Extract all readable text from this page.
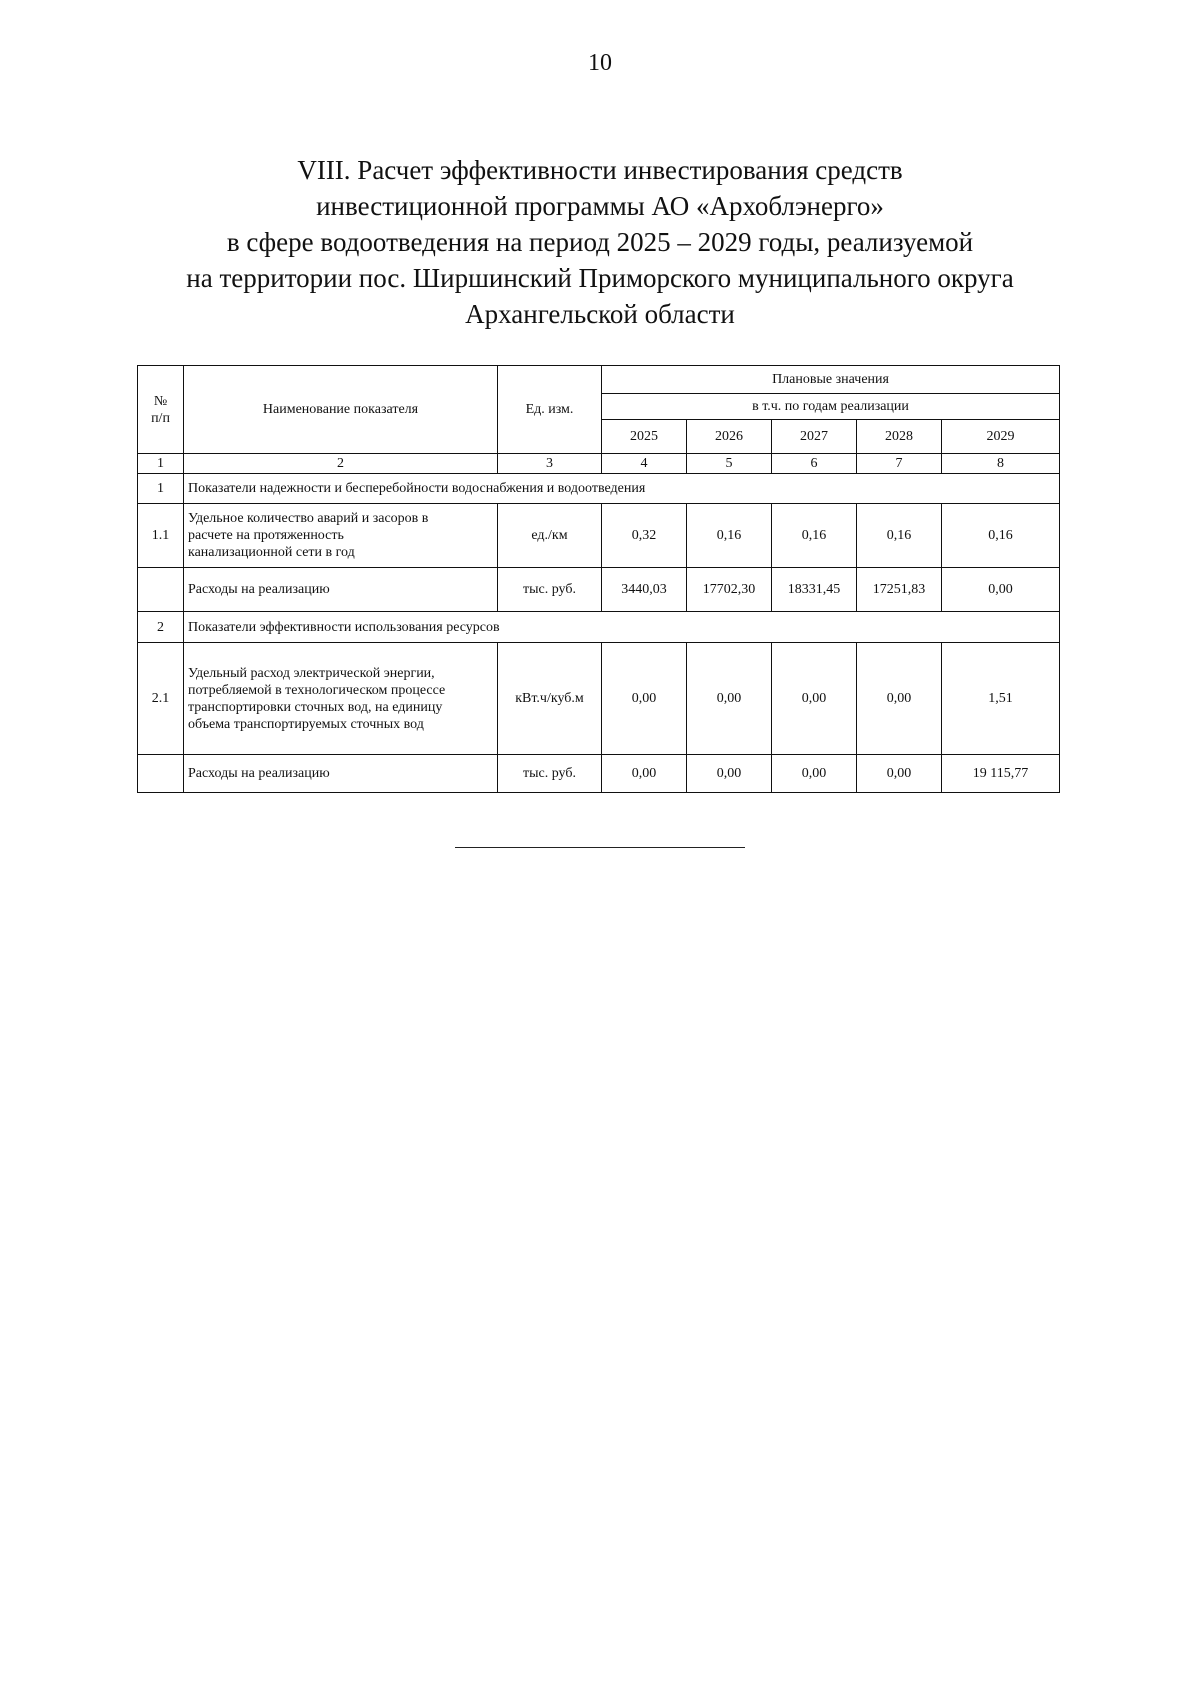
10
VIII. Расчет эффективности инвестирования средств
инвестиционной программы АО «Архоблэнерго»
в сфере водоотведения на период 2025 – 2029 годы, реализуемой
на территории пос. Ширшинский Приморского муниципального округа
Архангельской области
№
п/п	Наименование показателя	Ед. изм.	Плановые значения				
			в т.ч. по годам реализации				
			2025	2026	2027	2028	2029
1	2	3	4	5	6	7	8
1	Показатели надежности и бесперебойности водоснабжения и водоотведения						
1.1	Удельное количество аварий и засоров в
расчете на протяженность
канализационной сети в год	ед./км	0,32	0,16	0,16	0,16	0,16

	Расходы на реализацию	тыс. руб.	3440,03	17702,30	18331,45	17251,83	0,00
2	Показатели эффективности использования ресурсов						
2.1	Удельный расход электрической энергии,
потребляемой в технологическом процессе
транспортировки сточных вод, на единицу
объема транспортируемых сточных вод	кВт.ч/куб.м	0,00	0,00	0,00	0,00	1,51

	Расходы на реализацию	тыс. руб.	0,00	0,00	0,00	0,00	19 115,77
